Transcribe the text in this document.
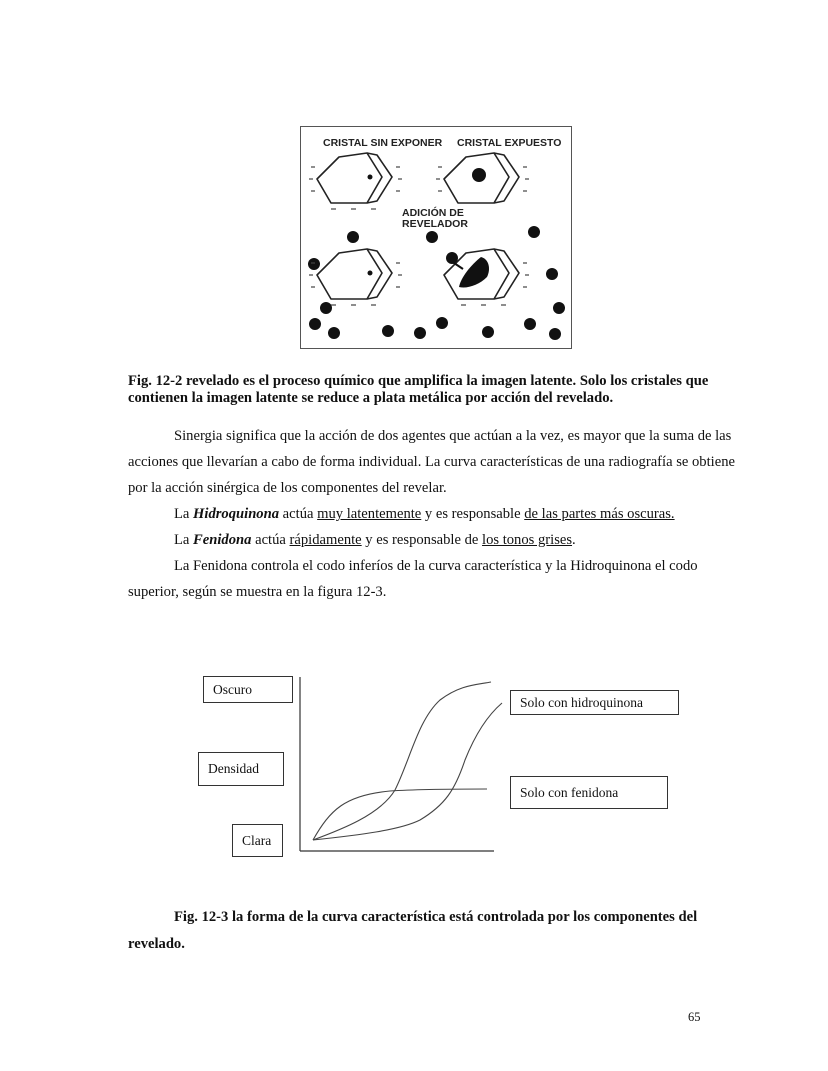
CRISTAL SIN EXPONER CRISTAL EXPUESTO
ADICIÓN DE
REVELADOR
Fig. 12-2 revelado es el proceso químico que amplifica la imagen latente. Solo los cristales que contienen la imagen latente se reduce a plata metálica por acción del revelado.
Sinergia significa que la acción de dos agentes que actúan a la vez, es mayor que la suma de las acciones que llevarían a cabo de forma individual. La curva características de una radiografía se obtiene por la acción sinérgica de los componentes del revelar.
La Hidroquinona actúa muy latentemente y es responsable de las partes más oscuras.
La Fenidona actúa rápidamente y es responsable de los tonos grises.
La Fenidona controla el codo inferíos de la curva característica y la Hidroquinona el codo superior, según se muestra en la figura 12-3.
Oscuro
Densidad
Clara
Solo con hidroquinona
Solo con fenidona
Fig. 12-3 la forma de la curva característica está controlada por los componentes del revelado.
65
